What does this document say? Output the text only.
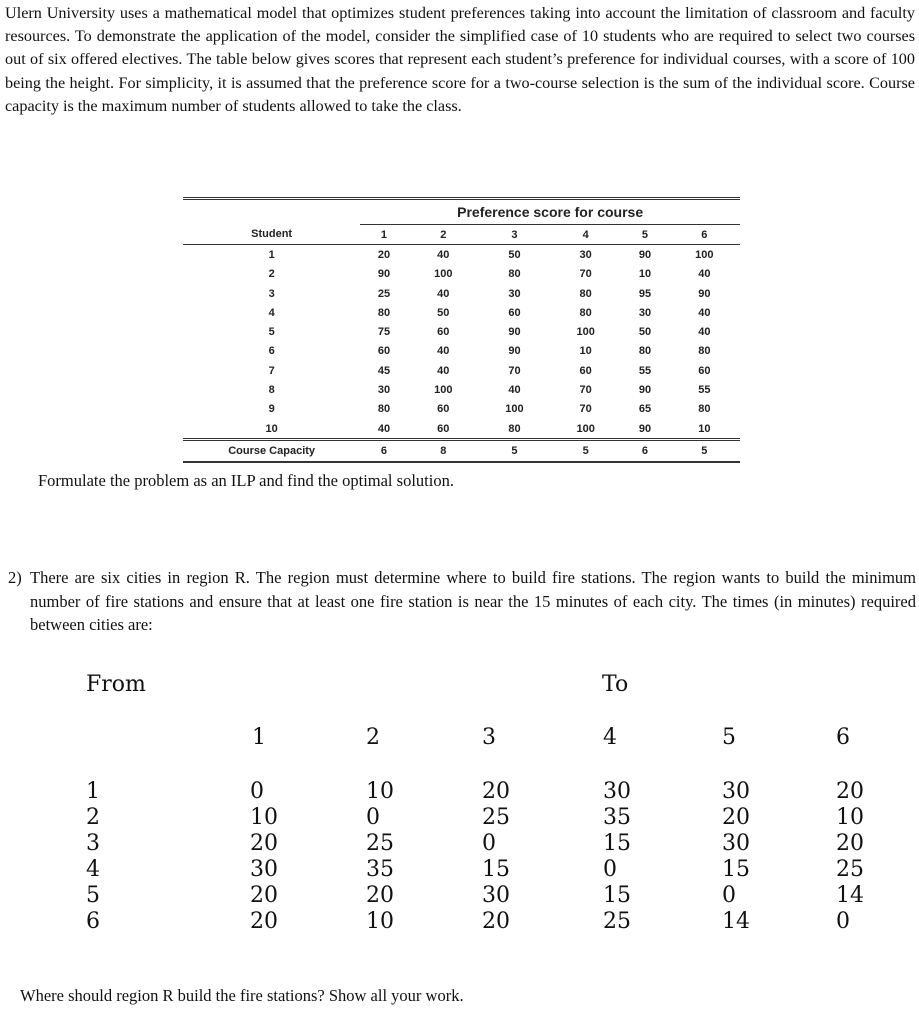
Ulern University uses a mathematical model that optimizes student preferences taking into account the limitation of classroom and faculty resources. To demonstrate the application of the model, consider the simplified case of 10 students who are required to select two courses out of six offered electives. The table below gives scores that represent each student’s preference for individual courses, with a score of 100 being the height. For simplicity, it is assumed that the preference score for a two-course selection is the sum of the individual score. Course capacity is the maximum number of students allowed to take the class.
	Preference score for course					
Student	1	2	3	4	5	6
1	20	40	50	30	90	100
2	90	100	80	70	10	40
3	25	40	30	80	95	90
4	80	50	60	80	30	40
5	75	60	90	100	50	40
6	60	40	90	10	80	80
7	45	40	70	60	55	60
8	30	100	40	70	90	55
9	80	60	100	70	65	80
10	40	60	80	100	90	10
Course Capacity	6	8	5	5	6	5
Formulate the problem as an ILP and find the optimal solution.
2) There are six cities in region R. The region must determine where to build fire stations. The region wants to build the minimum number of fire stations and ensure that at least one fire station is near the 15 minutes of each city. The times (in minutes) required between cities are:
From	To
1	2	3	4	5	6
1	0	10	20	30	30	20
2	10	0	25	35	20	10
3	20	25	0	15	30	20
4	30	35	15	0	15	25
5	20	20	30	15	0	14
6	20	10	20	25	14	0
Where should region R build the fire stations? Show all your work.
